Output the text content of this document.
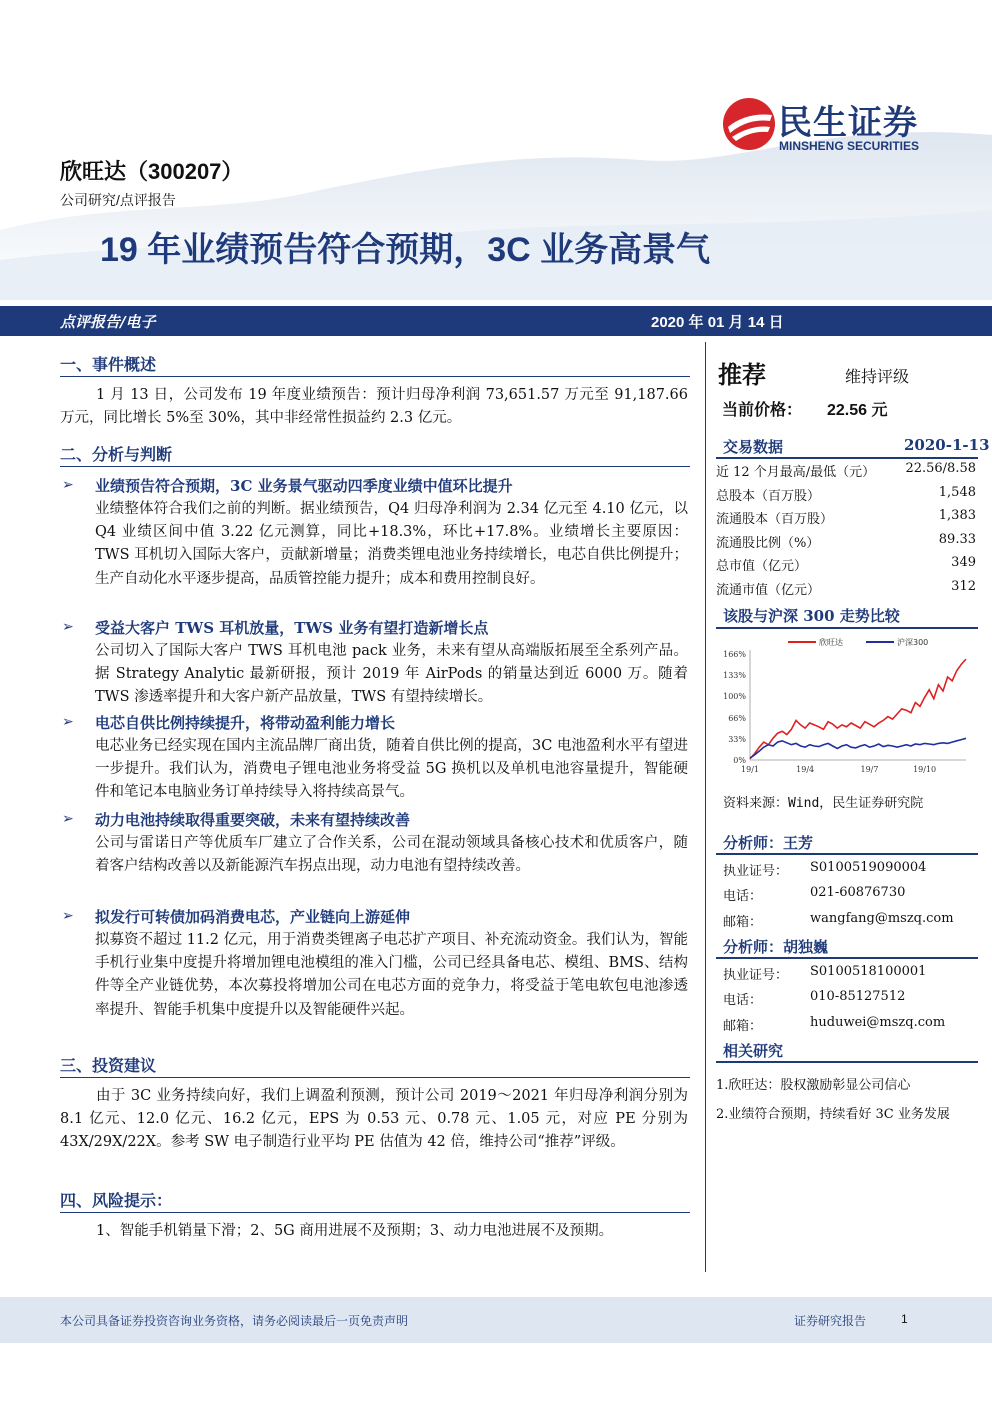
民生证券
MINSHENG SECURITIES
欣旺达（300207）
公司研究/点评报告
19 年业绩预告符合预期，3C 业务高景气
点评报告/电子	2020 年 01 月 14 日
一、事件概述
1 月 13 日，公司发布 19 年度业绩预告：预计归母净利润 73,651.57 万元至 91,187.66 万元，同比增长 5%至 30%，其中非经常性损益约 2.3 亿元。
二、分析与判断
➢ 业绩预告符合预期，3C 业务景气驱动四季度业绩中值环比提升
业绩整体符合我们之前的判断。据业绩预告，Q4 归母净利润为 2.34 亿元至 4.10 亿元，以 Q4 业绩区间中值 3.22 亿元测算，同比+18.3%，环比+17.8%。业绩增长主要原因：TWS 耳机切入国际大客户，贡献新增量；消费类锂电池业务持续增长，电芯自供比例提升；生产自动化水平逐步提高，品质管控能力提升；成本和费用控制良好。
➢ 受益大客户 TWS 耳机放量，TWS 业务有望打造新增长点
公司切入了国际大客户 TWS 耳机电池 pack 业务，未来有望从高端版拓展至全系列产品。据 Strategy Analytic 最新研报，预计 2019 年 AirPods 的销量达到近 6000 万。随着 TWS 渗透率提升和大客户新产品放量，TWS 有望持续增长。
➢ 电芯自供比例持续提升，将带动盈利能力增长
电芯业务已经实现在国内主流品牌厂商出货，随着自供比例的提高，3C 电池盈利水平有望进一步提升。我们认为，消费电子锂电池业务将受益 5G 换机以及单机电池容量提升，智能硬件和笔记本电脑业务订单持续导入将持续高景气。
➢ 动力电池持续取得重要突破，未来有望持续改善
公司与雷诺日产等优质车厂建立了合作关系，公司在混动领域具备核心技术和优质客户，随着客户结构改善以及新能源汽车拐点出现，动力电池有望持续改善。
➢ 拟发行可转债加码消费电芯，产业链向上游延伸
拟募资不超过 11.2 亿元，用于消费类锂离子电芯扩产项目、补充流动资金。我们认为，智能手机行业集中度提升将增加锂电池模组的准入门槛，公司已经具备电芯、模组、BMS、结构件等全产业链优势，本次募投将增加公司在电芯方面的竞争力，将受益于笔电软包电池渗透率提升、智能手机集中度提升以及智能硬件兴起。
三、投资建议
由于 3C 业务持续向好，我们上调盈利预测，预计公司 2019～2021 年归母净利润分别为 8.1 亿元、12.0 亿元、16.2 亿元，EPS 为 0.53 元、0.78 元、1.05 元，对应 PE 分别为 43X/29X/22X。参考 SW 电子制造行业平均 PE 估值为 42 倍，维持公司“推荐”评级。
四、风险提示：
1、智能手机销量下滑；2、5G 商用进展不及预期；3、动力电池进展不及预期。
推荐	维持评级
当前价格： 22.56 元
交易数据	2020-1-13
近 12 个月最高/最低（元） 22.56/8.58
总股本（百万股）	1,548
流通股本（百万股）	1,383
流通股比例（%）	89.33
总市值（亿元）	349
流通市值（亿元）	312
该股与沪深 300 走势比较
欣旺达	沪深300
166%
133%
100%
66%
33%
0%
19/1	19/4	19/7	19/10
资料来源：Wind，民生证券研究院
分析师：王芳
执业证号： S0100519090004
电话：	021-60876730
邮箱：	wangfang@mszq.com
分析师：胡独巍
执业证号： S0100518100001
电话：	010-85127512
邮箱：	huduwei@mszq.com
相关研究
1.欣旺达：股权激励彰显公司信心
2.业绩符合预期，持续看好 3C 业务发展
本公司具备证券投资咨询业务资格，请务必阅读最后一页免责声明	证券研究报告	1
